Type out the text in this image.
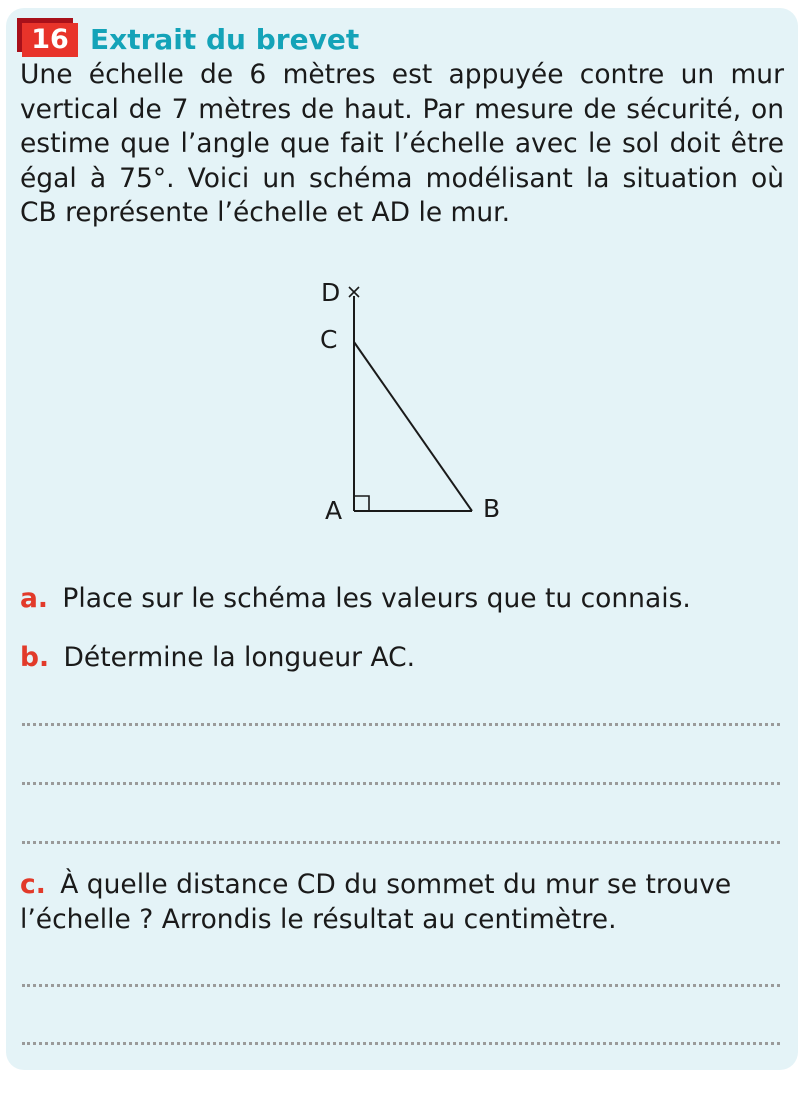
16 Extrait du brevet
Une échelle de 6 mètres est appuyée contre un mur vertical de 7 mètres de haut. Par mesure de sécurité, on estime que l’angle que fait l’échelle avec le sol doit être égal à 75°. Voici un schéma modélisant la situation où CB représente l’échelle et AD le mur.
D
C
A	B
a. Place sur le schéma les valeurs que tu connais.
b. Détermine la longueur AC.
c. À quelle distance CD du sommet du mur se trouve l’échelle ? Arrondis le résultat au centimètre.
